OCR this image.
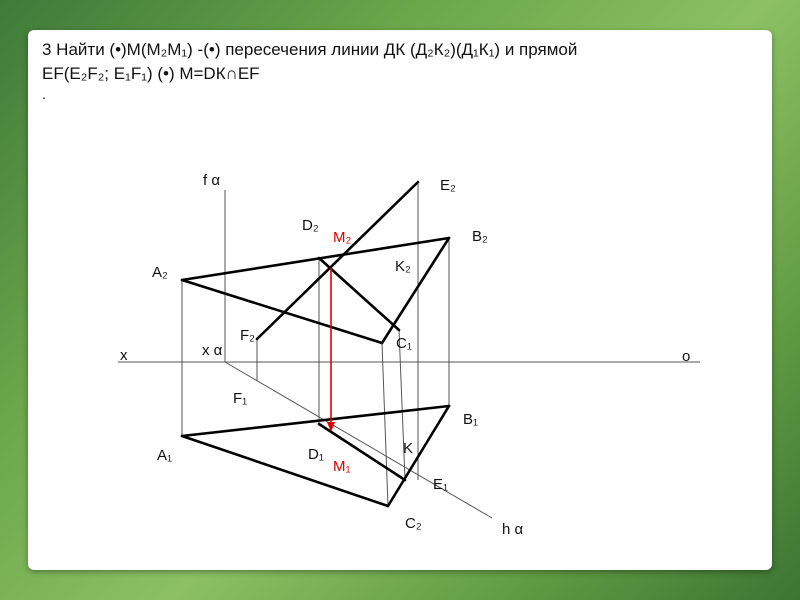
3 Найти (•)М(М₂М₁) -(•) пересечения линии ДК (Д₂К₂)(Д₁К₁) и прямой
ЕF(Е₂F₂; Е₁F₁) (•) М=DК∩ЕF
.
f α	E₂
D₂
B₂
A₂	K₂
F₂	C₁
x	x α	o
F₁
B₁
A₁	D₁	K
E₁
C₂	h α
M₂
M₁
